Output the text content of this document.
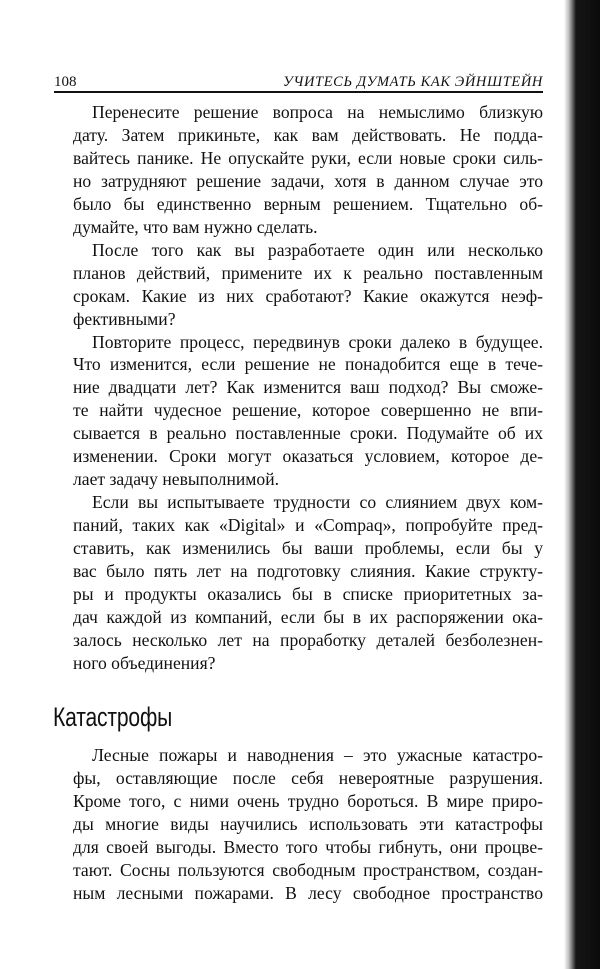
108	УЧИТЕСЬ ДУМАТЬ КАК ЭЙНШТЕЙН

Перенесите решение вопроса на немыслимо близкую
дату. Затем прикиньте, как вам действовать. Не подда-
вайтесь панике. Не опускайте руки, если новые сроки силь-
но затрудняют решение задачи, хотя в данном случае это
было бы единственно верным решением. Тщательно об-
думайте, что вам нужно сделать.

После того как вы разработаете один или несколько
планов действий, примените их к реально поставленным
срокам. Какие из них сработают? Какие окажутся неэф-
фективными?

Повторите процесс, передвинув сроки далеко в будущее.
Что изменится, если решение не понадобится еще в тече-
ние двадцати лет? Как изменится ваш подход? Вы сможе-
те найти чудесное решение, которое совершенно не впи-
сывается в реально поставленные сроки. Подумайте об их
изменении. Сроки могут оказаться условием, которое де-
лает задачу невыполнимой.

Если вы испытываете трудности со слиянием двух ком-
паний, таких как «Digital» и «Compaq», попробуйте пред-
ставить, как изменились бы ваши проблемы, если бы у
вас было пять лет на подготовку слияния. Какие структу-
ры и продукты оказались бы в списке приоритетных за-
дач каждой из компаний, если бы в их распоряжении ока-
залось несколько лет на проработку деталей безболезнен-
ного объединения?

Катастрофы

Лесные пожары и наводнения – это ужасные катастро-
фы, оставляющие после себя невероятные разрушения.
Кроме того, с ними очень трудно бороться. В мире приро-
ды многие виды научились использовать эти катастрофы
для своей выгоды. Вместо того чтобы гибнуть, они процве-
тают. Сосны пользуются свободным пространством, создан-
ным лесными пожарами. В лесу свободное пространство
